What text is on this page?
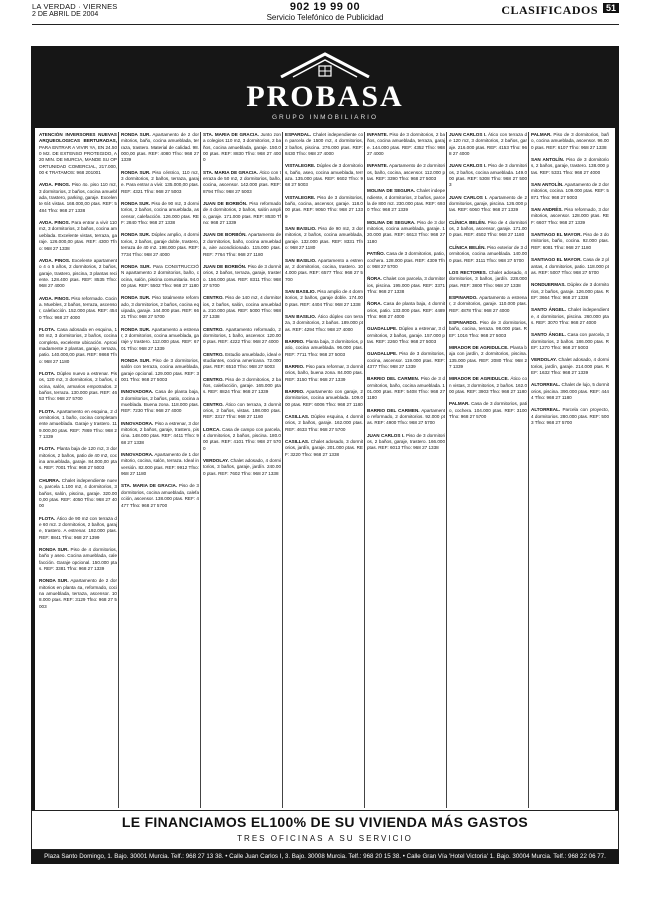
LA VERDAD · VIERNES
2 DE ABRIL DE 2004
902 19 99 00
Servicio Telefónico de Publicidad
CLASIFICADOS 51
PROBASA
GRUPO INMOBILIARIO
ATENCIÓN INVERSORES NUEVAS ARQUEOLOGICAS BERTURADAS, PARA ENTRAR A VIVIR YA, EN 24.500 M2. DE EXTENSO PROTEGIDO, A 20 MIN. DE MURCIA, MANDE SU OPORTUNIDAD COMERCIAL, 217.000,00 € TRATAMOS: 968 201001
AVDA. PINOS. Piso 4o. piso 110 m2, 3 dormitorios, 2 baños, cocina amueblada, trastero, parking, garaje. Excelente 6/4 vistas. 168.000,00 ptas. REF: 5484 Tfno: 968 27 1338
AVDA. PINOS. Para entrar a vivir 110 m2, 3 dormitorios, 2 baños, cocina amueblada. Excelente vistas, terraza, garaje. 126.000,00 ptas. REF: 4300 Tfno: 968 27 1338
AVDA. PINOS. Excelente apartamento 4 o 5 años, 2 dormitorios, 2 baños, garaje, trastero, piscina, 3 plantas reciente. 128.400 ptas. REF: 8535 Tfno: 968 27 4000
AVDA. PINOS. Piso reformado. Cocina. Muebles, 2 baños, terraza, ascensor, calefacción. 152.000 ptas. REF: 4540 Tfno: 968 27 4000
FLOTA. Casa adosada en esquina, 180 m2, 3 dormitorios, 2 baños, cocina completa, excelente ubicación. Aproximadamente 2 plantas, garaje, terraza, patio. 140.000,00 ptas. REF: 9868 Tfno: 968 27 1180
FLOTA. Dúplex nuevo a estrenar. Pisos, 120 m2, 3 dormitorios, 2 baños, cocina, salón, armarios empotrados. 2 baños, terraza. 130.000 ptas. REF: 4653 Tfno: 968 27 5700
FLOTA. Apartamento en esquina, 2 dormitorios, 1 baño, cocina completamente amueblada. Garaje y trastero. 119.000,00 ptas. REF: 7869 Tfno: 968 27 1339
FLOTA. Planta baja de 120 m2, 3 dormitorios, 2 baños, patio de 40 m2, cocina amueblada, garaje. 84.000,00 ptas. REF: 7001 Tfno: 968 27 5003
CHURRA. Chalet independiente nuevo, parcela 1.100 m2, 4 dormitorios, 3 baños, salón, piscina, garaje. 320.000,00 ptas. REF: 4050 Tfno: 968 27 4000
FLOTA. Ático de 90 m2 con terraza de 60 m2. 2 dormitorios, 2 baños, garaje, trastero. A estrenar. 192.000 ptas. REF: 8841 Tfno: 968 27 1399
RONDA SUR. Piso de 4 dormitorios, baño y aseo. Cocina amueblada, calefacción. Garaje opcional. 150.000 ptas. REF: 3381 Tfno: 968 27 1339
RONDA SUR. Apartamento de 2 dormitorios en planta 4a, reformado, cocina amueblada, terraza, ascensor. 108.000 ptas. REF: 3129 Tfno: 968 27 5003
RONDA SUR. Apartamento de 2 dormitorios, baño, cocina amueblada, terraza, trastero. Material de calidad. 98.000,00 ptas. REF: 4080 Tfno: 968 27 1339
RONDA SUR. Piso céntrico, 110 m2, 3 dormitorios, 2 baños, terraza, garaje. Para entrar a vivir. 135.000,00 ptas. REF: 4321 Tfno: 968 27 5003
RONDA SUR. Piso de 90 m2, 3 dormitorios, 2 baños, cocina amueblada, ascensor, calefacción. 126.000 ptas. REF: 2840 Tfno: 968 27 1338
RONDA SUR. Dúplex amplio, 4 dormitorios, 2 baños, garaje doble, trastero, terraza de 40 m2. 198.000 ptas. REF: 7734 Tfno: 968 27 4000
RONDA SUR. Para CONSTRUCCIÓN apartamento 2 dormitorios, baño, cocina, salón, piscina comunitaria. 94.000 ptas. REF: 5502 Tfno: 968 27 1180
RONDA SUR. Piso totalmente reformado, 3 dormitorios, 2 baños, cocina equipada, garaje. 144.000 ptas. REF: 6621 Tfno: 968 27 5700
RONDA SUR. Apartamento a estrenar, 2 dormitorios, cocina amueblada, garaje y trastero. 112.000 ptas. REF: 6701 Tfno: 968 27 1339
RONDA SUR. Piso de 3 dormitorios, salón con terraza, cocina amueblada, garaje opcional. 129.000 ptas. REF: 3001 Tfno: 968 27 5003
INNOVADORA. Casa de planta baja, 3 dormitorios, 2 baños, patio, cocina amueblada. Buena zona. 118.000 ptas. REF: 7230 Tfno: 968 27 4000
INNOVADORA. Piso a estrenar, 3 dormitorios, 2 baños, garaje, trastero, piscina. 148.000 ptas. REF: 4411 Tfno: 968 27 1338
INNOVADORA. Apartamento de 1 dormitorio, cocina, salón, terraza. Ideal inversión. 82.000 ptas. REF: 9912 Tfno: 968 27 1180
STA. MARIA DE GRACIA. Piso de 3 dormitorios, cocina amueblada, calefacción, ascensor. 138.000 ptas. REF: 4477 Tfno: 968 27 5700
STA. MARIA DE GRACIA. Junto zona colegios 110 m2, 3 dormitorios, 2 baños, cocina amueblada, garaje. 150.000 ptas. REF: 8830 Tfno: 968 27 4000
STA. MARIA DE GRACIA. Ático con terraza de 50 m2, 2 dormitorios, baño, cocina, ascensor. 142.000 ptas. REF: 8794 Tfno: 968 27 5003
JUAN DE BORBÓN. Piso reformado de 4 dormitorios, 2 baños, salón amplio, garaje. 171.000 ptas. REF: 8530 Tfno: 968 27 1339
JUAN DE BORBÓN. Apartamento de 2 dormitorios, baño, cocina amueblada, aire acondicionado. 115.000 ptas. REF: 7764 Tfno: 968 27 1180
JUAN DE BORBÓN. Piso de 3 dormitorios, 2 baños, terraza, garaje, trastero. 156.000 ptas. REF: 8311 Tfno: 968 27 5700
CENTRO. Piso de 140 m2, 4 dormitorios, 2 baños, salón, cocina amueblada. 210.000 ptas. REF: 5000 Tfno: 968 27 1338
CENTRO. Apartamento reformado, 2 dormitorios, 1 baño, ascensor. 120.000 ptas. REF: 4222 Tfno: 968 27 4000
CENTRO. Estudio amueblado, ideal estudiantes, cocina americana. 72.000 ptas. REF: 6510 Tfno: 968 27 5003
CENTRO. Piso de 3 dormitorios, 2 baños, calefacción, garaje. 165.000 ptas. REF: 8824 Tfno: 968 27 1339
CENTRO. Ático con terraza, 3 dormitorios, 2 baños, vistas. 198.000 ptas. REF: 3317 Tfno: 968 27 1180
LORCA. Casa de campo con parcela, 4 dormitorios, 2 baños, piscina. 180.000 ptas. REF: 4101 Tfno: 968 27 5700
VERDOLAY. Chalet adosado, 4 dormitorios, 3 baños, garaje, jardín. 240.000 ptas. REF: 7602 Tfno: 968 27 1338
ESPARDAL. Chalet independiente con parcela de 1500 m2, 4 dormitorios, 2 baños, piscina. 276.000 ptas. REF: 8430 Tfno: 968 27 4000
VISTALEGRE. Dúplex de 3 dormitorios, baño, aseo, cocina amueblada, terraza. 135.000 ptas. REF: 6602 Tfno: 968 27 5003
VISTALEGRE. Piso de 3 dormitorios, baño, cocina, ascensor, garaje. 118.000 ptas. REF: 9050 Tfno: 968 27 1339
SAN BASILIO. Piso de 90 m2, 3 dormitorios, 2 baños, cocina amueblada, garaje. 132.000 ptas. REF: 8331 Tfno: 968 27 1180
SAN BASILIO. Apartamento a estrenar, 2 dormitorios, cocina, trastero. 104.000 ptas. REF: 6577 Tfno: 968 27 5700
SAN BASILIO. Piso amplio de 4 dormitorios, 2 baños, garaje doble. 174.000 ptas. REF: 4404 Tfno: 968 27 1338
SAN BASILIO. Ático dúplex con terraza, 3 dormitorios, 2 baños. 189.000 ptas. REF: 4294 Tfno: 968 27 4000
BARRIO. Planta baja, 3 dormitorios, patio, cocina amueblada. 96.000 ptas. REF: 7711 Tfno: 968 27 5003
BARRIO. Piso para reformar, 3 dormitorios, baño, buena zona. 84.000 ptas. REF: 3150 Tfno: 968 27 1339
BARRIO. Apartamento con garaje, 2 dormitorios, cocina amueblada. 109.000 ptas. REF: 6006 Tfno: 968 27 1180
CASILLAS. Dúplex esquina, 4 dormitorios, 2 baños, garaje. 162.000 ptas. REF: 4633 Tfno: 968 27 5700
CASILLAS. Chalet adosado, 3 dormitorios, jardín, garaje. 201.000 ptas. REF: 3220 Tfno: 968 27 1338
INFANTE. Piso de 3 dormitorios, 2 baños, cocina amueblada, terraza, garaje. 144.000 ptas. REF: 4352 Tfno: 968 27 4000
INFANTE. Apartamento de 2 dormitorios, baño, cocina, ascensor. 112.000 ptas. REF: 3390 Tfno: 968 27 5003
MOLINA DE SEGURA. Chalet independiente, 4 dormitorios, 2 baños, parcela de 800 m2. 230.000 ptas. REF: 6930 Tfno: 968 27 1339
MOLINA DE SEGURA. Piso de 3 dormitorios, cocina amueblada, garaje. 120.000 ptas. REF: 6613 Tfno: 968 27 1180
PATIÑO. Casa de 3 dormitorios, patio, cochera. 128.000 ptas. REF: 4309 Tfno: 968 27 5700
ÑORA. Chalet con parcela, 3 dormitorios, piscina. 195.000 ptas. REF: 3371 Tfno: 968 27 1338
ÑORA. Casa de planta baja, 4 dormitorios, patio. 133.000 ptas. REF: 4489 Tfno: 968 27 4000
GUADALUPE. Dúplex a estrenar, 3 dormitorios, 2 baños, garaje. 157.000 ptas. REF: 2260 Tfno: 968 27 5003
GUADALUPE. Piso de 3 dormitorios, cocina, ascensor. 119.000 ptas. REF: 4377 Tfno: 968 27 1339
BARRIO DEL CARMEN. Piso de 3 dormitorios, baño, cocina amueblada. 101.000 ptas. REF: 5408 Tfno: 968 27 1180
BARRIO DEL CARMEN. Apartamento reformado, 2 dormitorios. 92.000 ptas. REF: 4900 Tfno: 968 27 5700
JUAN CARLOS I. Piso de 3 dormitorios, 2 baños, garaje, trastero. 166.000 ptas. REF: 6013 Tfno: 968 27 1338
JUAN CARLOS I. Ático con terraza de 120 m2, 3 dormitorios, 2 baños, garaje. 216.000 ptas. REF: 4153 Tfno: 968 27 4000
JUAN CARLOS I. Piso de 3 dormitorios, 2 baños, cocina amueblada. 149.000 ptas. REF: 5308 Tfno: 968 27 5003
JUAN CARLOS I. Apartamento de 2 dormitorios, garaje, piscina. 126.000 ptas. REF: 6060 Tfno: 968 27 1339
CLÍNICA BELÉN. Piso de 4 dormitorios, 2 baños, ascensor, garaje. 171.000 ptas. REF: 4502 Tfno: 968 27 1180
CLÍNICA BELÉN. Piso exterior de 3 dormitorios, cocina amueblada. 140.000 ptas. REF: 3111 Tfno: 968 27 5700
LOS RECTORES. Chalet adosado, 4 dormitorios, 3 baños, jardín. 228.000 ptas. REF: 3800 Tfno: 968 27 1338
ESPINARDO. Apartamento a estrenar, 2 dormitorios, garaje. 110.000 ptas. REF: 4878 Tfno: 968 27 4000
ESPINARDO. Piso de 3 dormitorios, baño, cocina, terraza. 98.000 ptas. REF: 1016 Tfno: 968 27 5003
MIRADOR DE AGRIDULCE. Planta baja con jardín, 2 dormitorios, piscina. 135.000 ptas. REF: 2080 Tfno: 968 27 1339
MIRADOR DE AGRIDULCE. Ático con vistas, 3 dormitorios, 2 baños. 162.000 ptas. REF: 3903 Tfno: 968 27 1180
PALMAR. Casa de 3 dormitorios, patio, cochera. 104.000 ptas. REF: 3100 Tfno: 968 27 5700
PALMAR. Piso de 3 dormitorios, baño, cocina amueblada, ascensor. 96.000 ptas. REF: 6107 Tfno: 968 27 1338
SAN ANTOLÍN. Piso de 3 dormitorios, 2 baños, garaje, trastero. 138.000 ptas. REF: 5331 Tfno: 968 27 4000
SAN ANTOLÍN. Apartamento de 2 dormitorios, cocina. 109.000 ptas. REF: 5871 Tfno: 968 27 5003
SAN ANDRÉS. Piso reformado, 3 dormitorios, ascensor. 128.000 ptas. REF: 6607 Tfno: 968 27 1339
SANTIAGO EL MAYOR. Piso de 3 dormitorios, baño, cocina. 92.000 ptas. REF: 6081 Tfno: 968 27 1180
SANTIAGO EL MAYOR. Casa de 2 plantas, 4 dormitorios, patio. 118.000 ptas. REF: 5007 Tfno: 968 27 5700
NONDUERMAS. Dúplex de 3 dormitorios, 2 baños, garaje. 126.000 ptas. REF: 3664 Tfno: 968 27 1338
SANTO ÁNGEL. Chalet independiente, 4 dormitorios, piscina. 260.000 ptas. REF: 3070 Tfno: 968 27 4000
SANTO ÁNGEL. Casa con parcela, 3 dormitorios, 2 baños. 186.000 ptas. REF: 1270 Tfno: 968 27 5003
VERDOLAY. Chalet adosado, 4 dormitorios, jardín, garaje. 214.000 ptas. REF: 1632 Tfno: 968 27 1339
ALTORREAL. Chalet de lujo, 5 dormitorios, piscina. 390.000 ptas. REF: 4444 Tfno: 968 27 1180
ALTORREAL. Parcela con proyecto, 4 dormitorios. 280.000 ptas. REF: 5003 Tfno: 968 27 5700
LE FINANCIAMOS EL100% DE SU VIVIENDA MÁS GASTOS
TRES OFICINAS A SU SERVICIO
Plaza Santo Domingo, 1. Bajo. 30001 Murcia. Telf.: 968 27 13 38. • Calle Juan Carlos I, 3. Bajo. 30008 Murcia. Telf.: 968 20 15 38. • Calle Gran Vía 'Hotel Victoria' 1. Bajo. 30004 Murcia. Telf.: 968 22 06 77.
